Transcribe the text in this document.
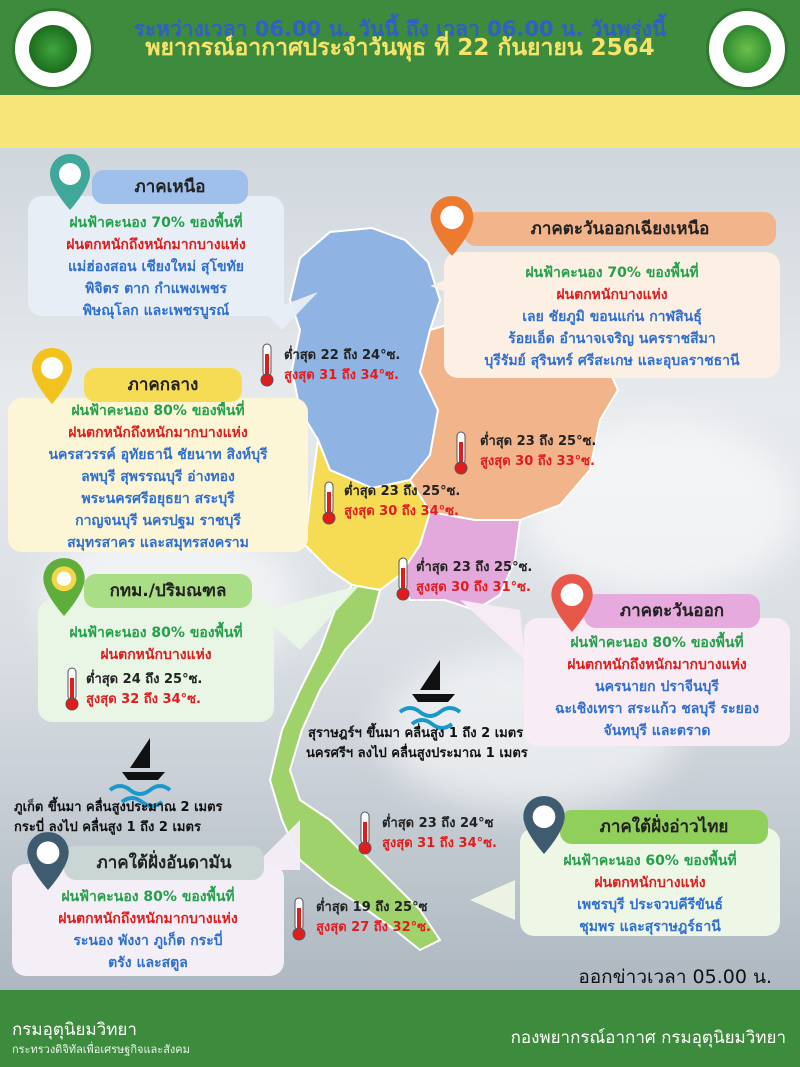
พยากรณ์อากาศประจำวันพุธ ที่ 22 กันยายน 2564
ระหว่างเวลา 06.00 น. วันนี้ ถึง เวลา 06.00 น. วันพรุ่งนี้
ฝนฟ้าคะนอง 70% ของพื้นที่
ฝนตกหนักถึงหนักมากบางแห่ง
แม่ฮ่องสอน เชียงใหม่ สุโขทัย
พิจิตร ตาก กำแพงเพชร
พิษณุโลก และเพชรบูรณ์
ภาคเหนือ
ฝนฟ้าคะนอง 70% ของพื้นที่
ฝนตกหนักบางแห่ง
เลย ชัยภูมิ ขอนแก่น กาฬสินธุ์
ร้อยเอ็ด อำนาจเจริญ นครราชสีมา
บุรีรัมย์ สุรินทร์ ศรีสะเกษ และอุบลราชธานี
ภาคตะวันออกเฉียงเหนือ
ฝนฟ้าคะนอง 80% ของพื้นที่
ฝนตกหนักถึงหนักมากบางแห่ง
นครสวรรค์ อุทัยธานี ชัยนาท สิงห์บุรี
ลพบุรี สุพรรณบุรี อ่างทอง
พระนครศรีอยุธยา สระบุรี
กาญจนบุรี นครปฐม ราชบุรี
สมุทรสาคร และสมุทรสงคราม
ภาคกลาง
ฝนฟ้าคะนอง 80% ของพื้นที่
ฝนตกหนักบางแห่ง
กทม./ปริมณฑล
ต่ำสุด 24 ถึง 25°ซ.
สูงสุด 32 ถึง 34°ซ.
ฝนฟ้าคะนอง 80% ของพื้นที่
ฝนตกหนักถึงหนักมากบางแห่ง
นครนายก ปราจีนบุรี
ฉะเชิงเทรา สระแก้ว ชลบุรี ระยอง
จันทบุรี และตราด
ภาคตะวันออก
ฝนฟ้าคะนอง 60% ของพื้นที่
ฝนตกหนักบางแห่ง
เพชรบุรี ประจวบคีรีขันธ์
ชุมพร และสุราษฎร์ธานี
ภาคใต้ฝั่งอ่าวไทย
ฝนฟ้าคะนอง 80% ของพื้นที่
ฝนตกหนักถึงหนักมากบางแห่ง
ระนอง พังงา ภูเก็ต กระบี่
ตรัง และสตูล
ภาคใต้ฝั่งอันดามัน
ต่ำสุด 22 ถึง 24°ซ.
สูงสุด 31 ถึง 34°ซ.
ต่ำสุด 23 ถึง 25°ซ.
สูงสุด 30 ถึง 33°ซ.
ต่ำสุด 23 ถึง 25°ซ.
สูงสุด 30 ถึง 34°ซ.
ต่ำสุด 23 ถึง 25°ซ.
สูงสุด 30 ถึง 31°ซ.
ต่ำสุด 23 ถึง 24°ซ
สูงสุด 31 ถึง 34°ซ.
ต่ำสุด 19 ถึง 25°ซ
สูงสุด 27 ถึง 32°ซ.
สุราษฎร์ฯ ขึ้นมา คลื่นสูง 1 ถึง 2 เมตร
นครศรีฯ ลงไป คลื่นสูงประมาณ 1 เมตร
ภูเก็ต ขึ้นมา คลื่นสูงประมาณ 2 เมตร
กระบี่ ลงไป คลื่นสูง 1 ถึง 2 เมตร
ออกข่าวเวลา 05.00 น.
กรมอุตุนิยมวิทยา
กระทรวงดิจิทัลเพื่อเศรษฐกิจและสังคม
กองพยากรณ์อากาศ กรมอุตุนิยมวิทยา
